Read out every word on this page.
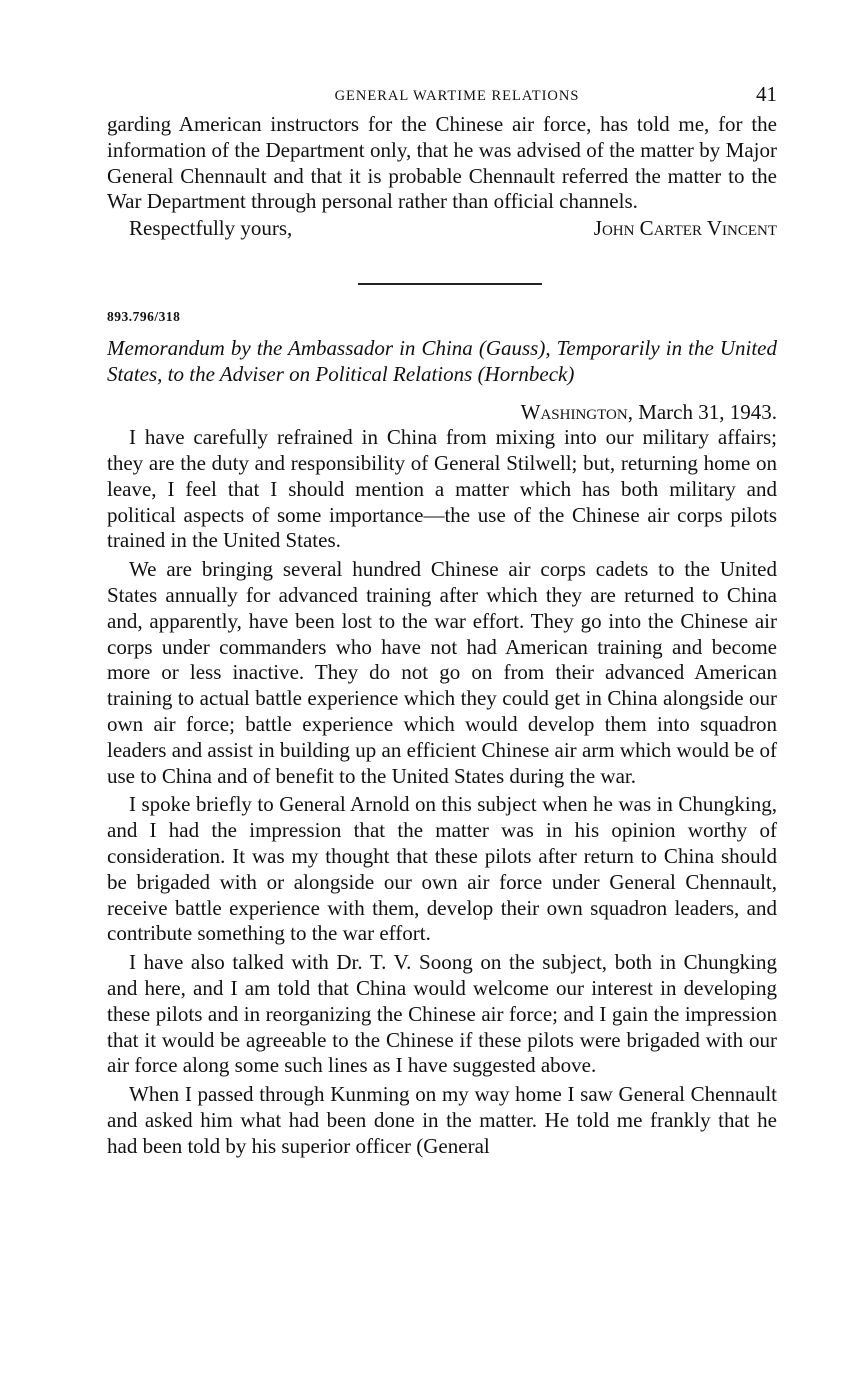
GENERAL WARTIME RELATIONS	41

garding American instructors for the Chinese air force, has told me, for the information of the Department only, that he was advised of the matter by Major General Chennault and that it is probable Chennault referred the matter to the War Department through personal rather than official channels.

Respectfully yours,	John Carter Vincent
893.796/318
Memorandum by the Ambassador in China (Gauss), Temporarily in the United States, to the Adviser on Political Relations (Hornbeck)
Washington, March 31, 1943.

I have carefully refrained in China from mixing into our military affairs; they are the duty and responsibility of General Stilwell; but, returning home on leave, I feel that I should mention a matter which has both military and political aspects of some importance—the use of the Chinese air corps pilots trained in the United States.

We are bringing several hundred Chinese air corps cadets to the United States annually for advanced training after which they are returned to China and, apparently, have been lost to the war effort. They go into the Chinese air corps under commanders who have not had American training and become more or less inactive. They do not go on from their advanced American training to actual battle experience which they could get in China alongside our own air force; battle experience which would develop them into squadron leaders and assist in building up an efficient Chinese air arm which would be of use to China and of benefit to the United States during the war.

I spoke briefly to General Arnold on this subject when he was in Chungking, and I had the impression that the matter was in his opinion worthy of consideration. It was my thought that these pilots after return to China should be brigaded with or alongside our own air force under General Chennault, receive battle experience with them, develop their own squadron leaders, and contribute something to the war effort.

I have also talked with Dr. T. V. Soong on the subject, both in Chungking and here, and I am told that China would welcome our interest in developing these pilots and in reorganizing the Chinese air force; and I gain the impression that it would be agreeable to the Chinese if these pilots were brigaded with our air force along some such lines as I have suggested above.

When I passed through Kunming on my way home I saw General Chennault and asked him what had been done in the matter. He told me frankly that he had been told by his superior officer (General
